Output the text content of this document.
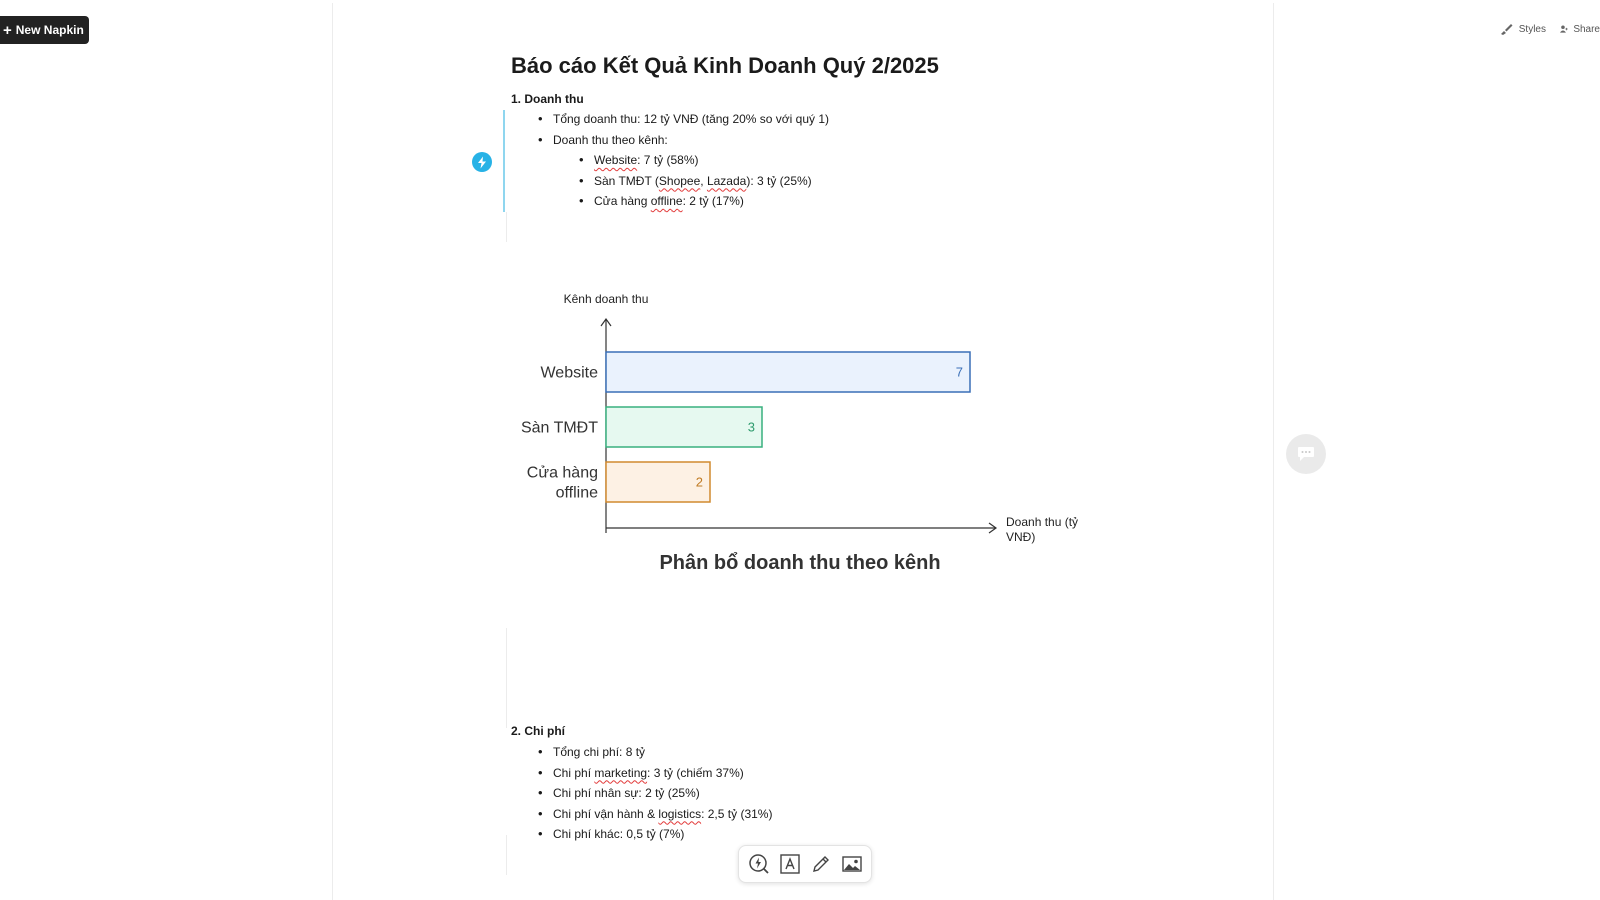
+ New Napkin	Styles	Share
Báo cáo Kết Quả Kinh Doanh Quý 2/2025
1. Doanh thu
• Tổng doanh thu: 12 tỷ VNĐ (tăng 20% so với quý 1)
• Doanh thu theo kênh:
• Website: 7 tỷ (58%)
• Sàn TMĐT (Shopee, Lazada): 3 tỷ (25%)
• Cửa hàng offline: 2 tỷ (17%)
Kênh doanh thu
Doanh thu (tỷ VNĐ)
7
Website
3
Sàn TMĐT
2
Cửa hàng offline
Phân bổ doanh thu theo kênh
2. Chi phí
• Tổng chi phí: 8 tỷ
• Chi phí marketing: 3 tỷ (chiếm 37%)
• Chi phí nhân sự: 2 tỷ (25%)
• Chi phí vận hành & logistics: 2,5 tỷ (31%)
• Chi phí khác: 0,5 tỷ (7%)
